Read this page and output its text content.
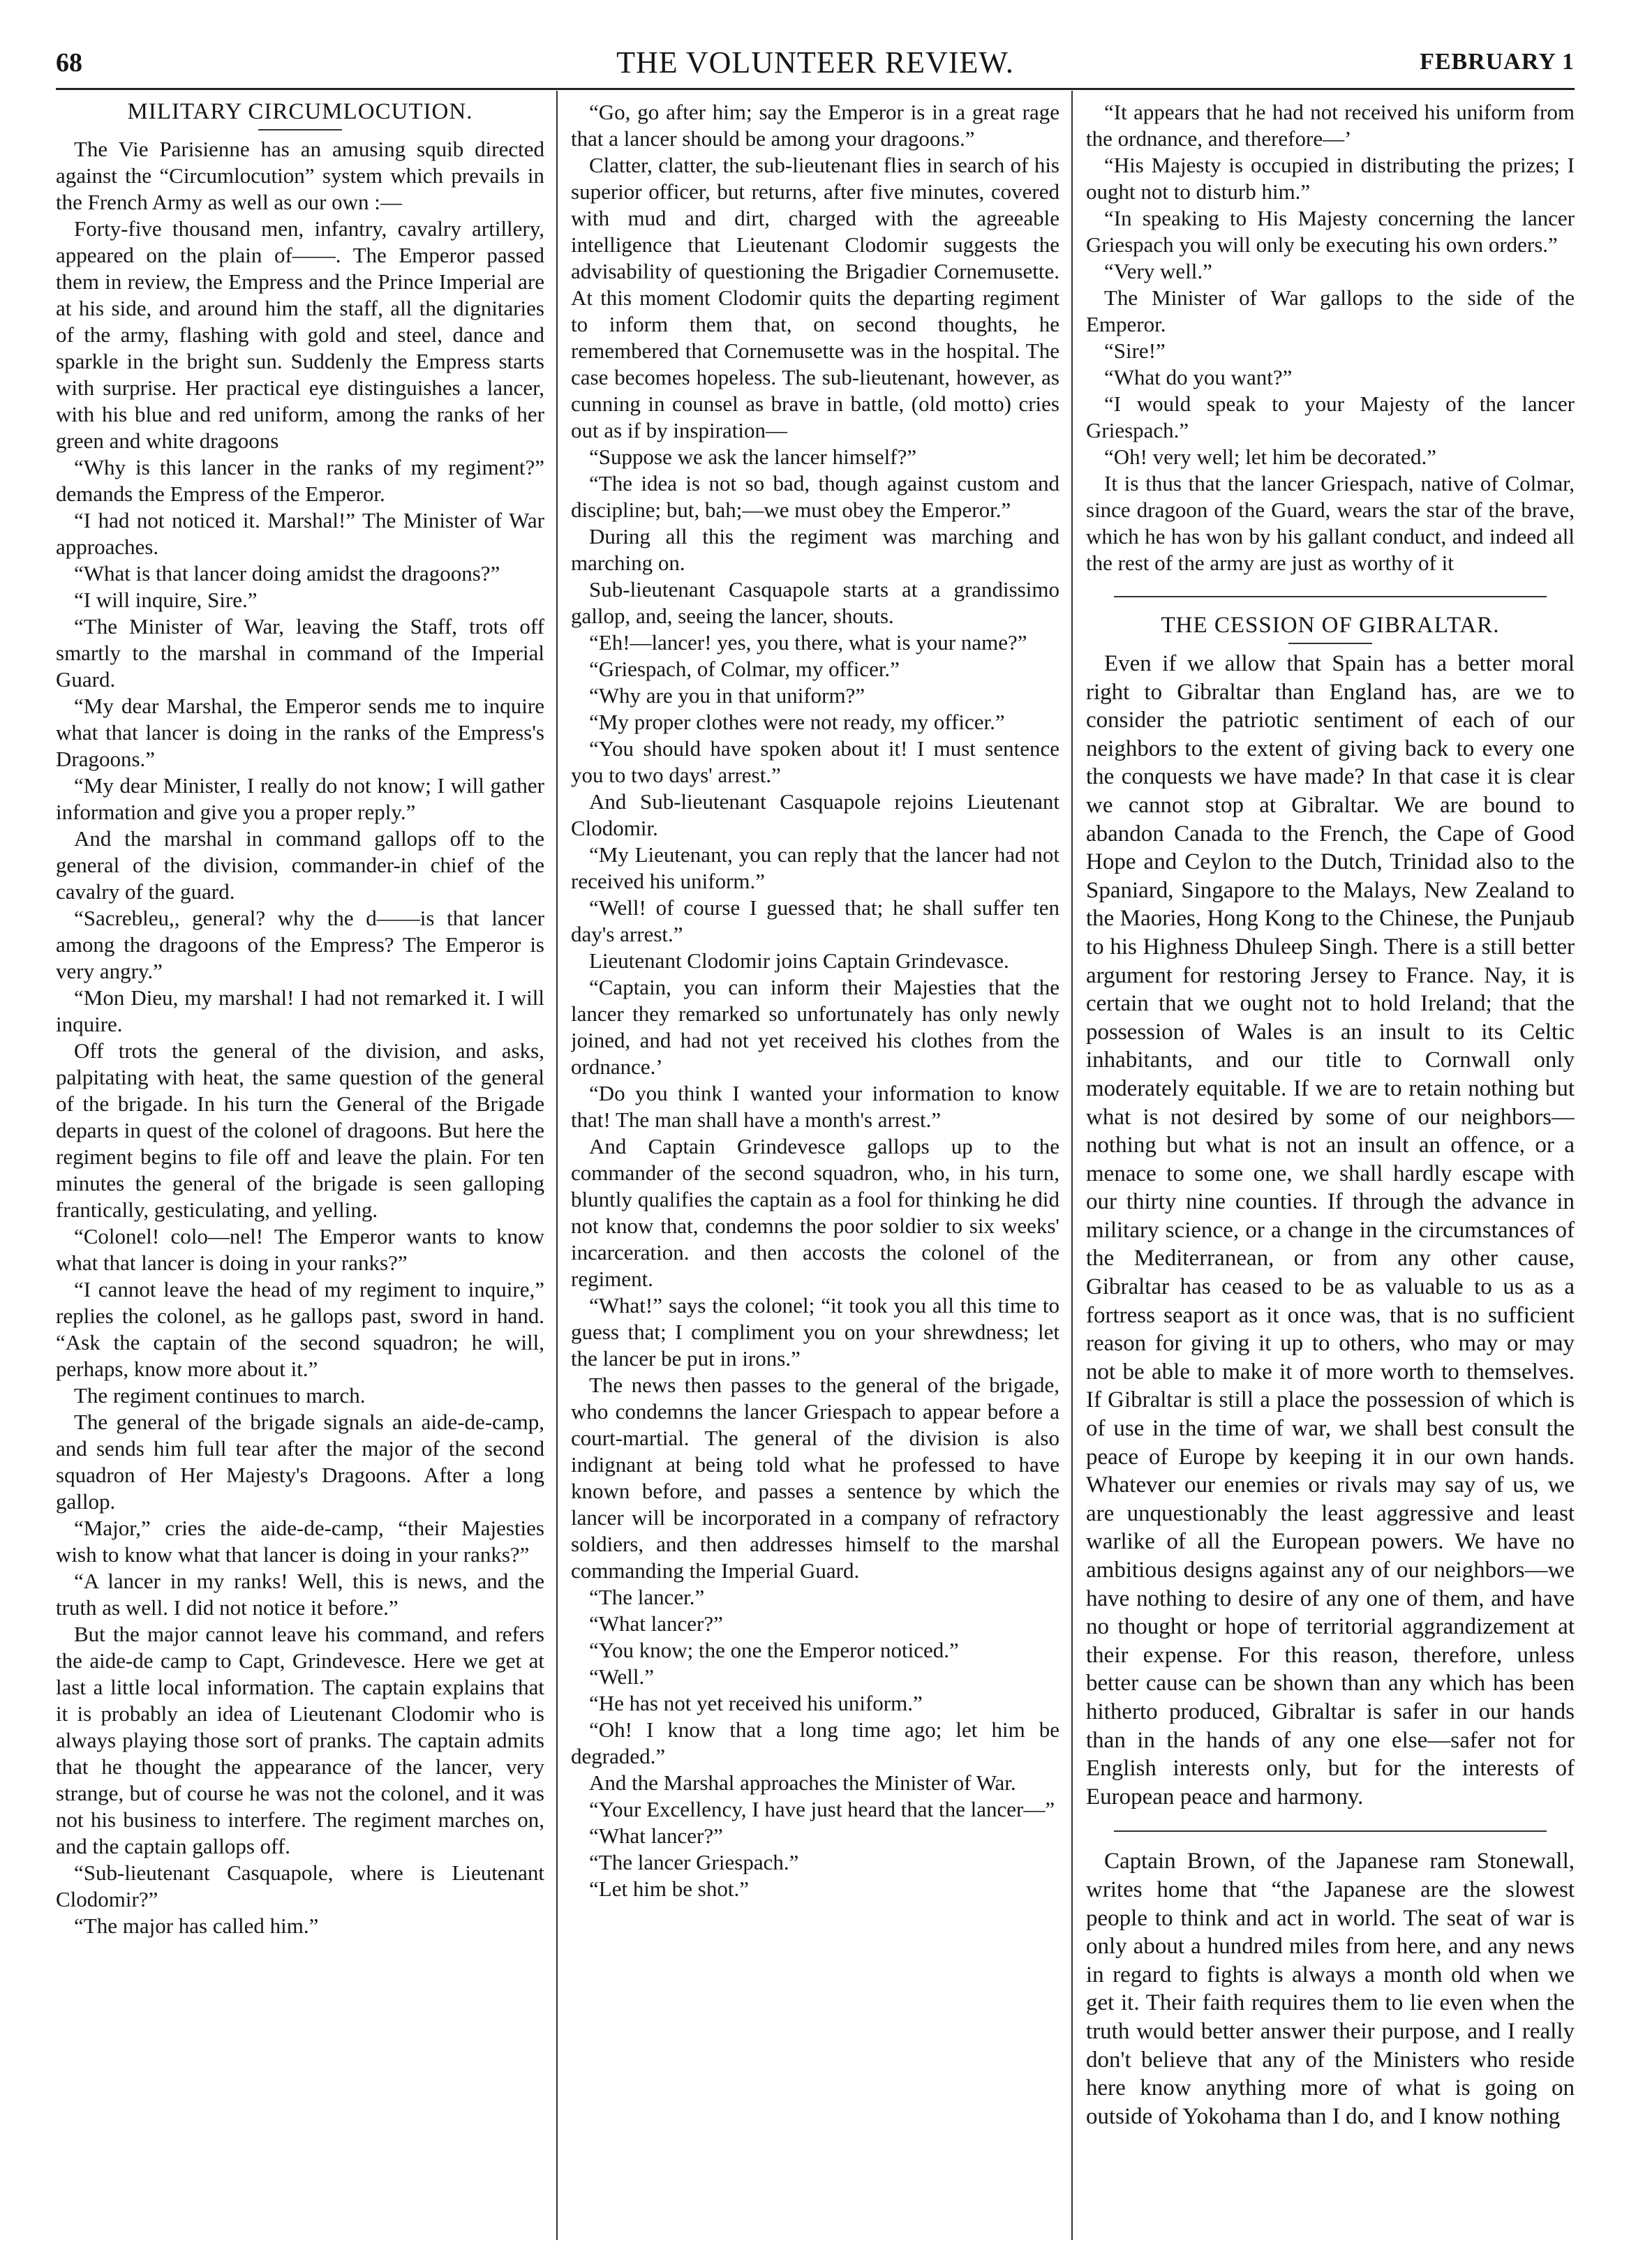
68	THE VOLUNTEER REVIEW.	FEBRUARY 1
MILITARY CIRCUMLOCUTION.

The Vie Parisienne has an amusing squib directed against the “Circumlocution” system which prevails in the French Army as well as our own :—

Forty-five thousand men, infantry, cavalry artillery, appeared on the plain of——. The Emperor passed them in review, the Empress and the Prince Imperial are at his side, and around him the staff, all the dignitaries of the army, flashing with gold and steel, dance and sparkle in the bright sun. Suddenly the Empress starts with surprise. Her practical eye distinguishes a lancer, with his blue and red uniform, among the ranks of her green and white dragoons

“Why is this lancer in the ranks of my regiment?” demands the Empress of the Emperor.

“I had not noticed it. Marshal!” The Minister of War approaches.

“What is that lancer doing amidst the dragoons?”

“I will inquire, Sire.”

“The Minister of War, leaving the Staff, trots off smartly to the marshal in command of the Imperial Guard.

“My dear Marshal, the Emperor sends me to inquire what that lancer is doing in the ranks of the Empress's Dragoons.”

“My dear Minister, I really do not know; I will gather information and give you a proper reply.”

And the marshal in command gallops off to the general of the division, commander-in chief of the cavalry of the guard.

“Sacrebleu,, general? why the d——is that lancer among the dragoons of the Empress? The Emperor is very angry.”

“Mon Dieu, my marshal! I had not remarked it. I will inquire.

Off trots the general of the division, and asks, palpitating with heat, the same question of the general of the brigade. In his turn the General of the Brigade departs in quest of the colonel of dragoons. But here the regiment begins to file off and leave the plain. For ten minutes the general of the brigade is seen galloping frantically, gesticulating, and yelling.

“Colonel! colo—nel! The Emperor wants to know what that lancer is doing in your ranks?”

“I cannot leave the head of my regiment to inquire,” replies the colonel, as he gallops past, sword in hand. “Ask the captain of the second squadron; he will, perhaps, know more about it.”

The regiment continues to march.

The general of the brigade signals an aide-de-camp, and sends him full tear after the major of the second squadron of Her Majesty's Dragoons. After a long gallop.

“Major,” cries the aide-de-camp, “their Majesties wish to know what that lancer is doing in your ranks?”

“A lancer in my ranks! Well, this is news, and the truth as well. I did not notice it before.”

But the major cannot leave his command, and refers the aide-de camp to Capt, Grindevesce. Here we get at last a little local information. The captain explains that it is probably an idea of Lieutenant Clodomir who is always playing those sort of pranks. The captain admits that he thought the appearance of the lancer, very strange, but of course he was not the colonel, and it was not his business to interfere. The regiment marches on, and the captain gallops off.

“Sub-lieutenant Casquapole, where is Lieutenant Clodomir?”

“The major has called him.”

“Go, go after him; say the Emperor is in a great rage that a lancer should be among your dragoons.”

Clatter, clatter, the sub-lieutenant flies in search of his superior officer, but returns, after five minutes, covered with mud and dirt, charged with the agreeable intelligence that Lieutenant Clodomir suggests the advisability of questioning the Brigadier Cornemusette. At this moment Clodomir quits the departing regiment to inform them that, on second thoughts, he remembered that Cornemusette was in the hospital. The case becomes hopeless. The sub-lieutenant, however, as cunning in counsel as brave in battle, (old motto) cries out as if by inspiration—

“Suppose we ask the lancer himself?”

“The idea is not so bad, though against custom and discipline; but, bah;—we must obey the Emperor.”

During all this the regiment was marching and marching on.

Sub-lieutenant Casquapole starts at a grandissimo gallop, and, seeing the lancer, shouts.

“Eh!—lancer! yes, you there, what is your name?”

“Griespach, of Colmar, my officer.”

“Why are you in that uniform?”

“My proper clothes were not ready, my officer.”

“You should have spoken about it! I must sentence you to two days' arrest.”

And Sub-lieutenant Casquapole rejoins Lieutenant Clodomir.

“My Lieutenant, you can reply that the lancer had not received his uniform.”

“Well! of course I guessed that; he shall suffer ten day's arrest.”

Lieutenant Clodomir joins Captain Grindevasce.

“Captain, you can inform their Majesties that the lancer they remarked so unfortunately has only newly joined, and had not yet received his clothes from the ordnance.’

“Do you think I wanted your information to know that! The man shall have a month's arrest.”

And Captain Grindevesce gallops up to the commander of the second squadron, who, in his turn, bluntly qualifies the captain as a fool for thinking he did not know that, condemns the poor soldier to six weeks' incarceration. and then accosts the colonel of the regiment.

“What!” says the colonel; “it took you all this time to guess that; I compliment you on your shrewdness; let the lancer be put in irons.”

The news then passes to the general of the brigade, who condemns the lancer Griespach to appear before a court-martial. The general of the division is also indignant at being told what he professed to have known before, and passes a sentence by which the lancer will be incorporated in a company of refractory soldiers, and then addresses himself to the marshal commanding the Imperial Guard.

“The lancer.”

“What lancer?”

“You know; the one the Emperor noticed.”

“Well.”

“He has not yet received his uniform.”

“Oh! I know that a long time ago; let him be degraded.”

And the Marshal approaches the Minister of War.

“Your Excellency, I have just heard that the lancer—”

“What lancer?”

“The lancer Griespach.”

“Let him be shot.”

“It appears that he had not received his uniform from the ordnance, and therefore—’

“His Majesty is occupied in distributing the prizes; I ought not to disturb him.”

“In speaking to His Majesty concerning the lancer Griespach you will only be executing his own orders.”

“Very well.”

The Minister of War gallops to the side of the Emperor.

“Sire!”

“What do you want?”

“I would speak to your Majesty of the lancer Griespach.”

“Oh! very well; let him be decorated.”

It is thus that the lancer Griespach, native of Colmar, since dragoon of the Guard, wears the star of the brave, which he has won by his gallant conduct, and indeed all the rest of the army are just as worthy of it

THE CESSION OF GIBRALTAR.

Even if we allow that Spain has a better moral right to Gibraltar than England has, are we to consider the patriotic sentiment of each of our neighbors to the extent of giving back to every one the conquests we have made? In that case it is clear we cannot stop at Gibraltar. We are bound to abandon Canada to the French, the Cape of Good Hope and Ceylon to the Dutch, Trinidad also to the Spaniard, Singapore to the Malays, New Zealand to the Maories, Hong Kong to the Chinese, the Punjaub to his Highness Dhuleep Singh. There is a still better argument for restoring Jersey to France. Nay, it is certain that we ought not to hold Ireland; that the possession of Wales is an insult to its Celtic inhabitants, and our title to Cornwall only moderately equitable. If we are to retain nothing but what is not desired by some of our neighbors—nothing but what is not an insult an offence, or a menace to some one, we shall hardly escape with our thirty nine counties. If through the advance in military science, or a change in the circumstances of the Mediterranean, or from any other cause, Gibraltar has ceased to be as valuable to us as a fortress seaport as it once was, that is no sufficient reason for giving it up to others, who may or may not be able to make it of more worth to themselves. If Gibraltar is still a place the possession of which is of use in the time of war, we shall best consult the peace of Europe by keeping it in our own hands. Whatever our enemies or rivals may say of us, we are unquestionably the least aggressive and least warlike of all the European powers. We have no ambitious designs against any of our neighbors—we have nothing to desire of any one of them, and have no thought or hope of territorial aggrandizement at their expense. For this reason, therefore, unless better cause can be shown than any which has been hitherto produced, Gibraltar is safer in our hands than in the hands of any one else—safer not for English interests only, but for the interests of European peace and harmony.

Captain Brown, of the Japanese ram Stonewall, writes home that “the Japanese are the slowest people to think and act in world. The seat of war is only about a hundred miles from here, and any news in regard to fights is always a month old when we get it. Their faith requires them to lie even when the truth would better answer their purpose, and I really don't believe that any of the Ministers who reside here know anything more of what is going on outside of Yokohama than I do, and I know nothing
